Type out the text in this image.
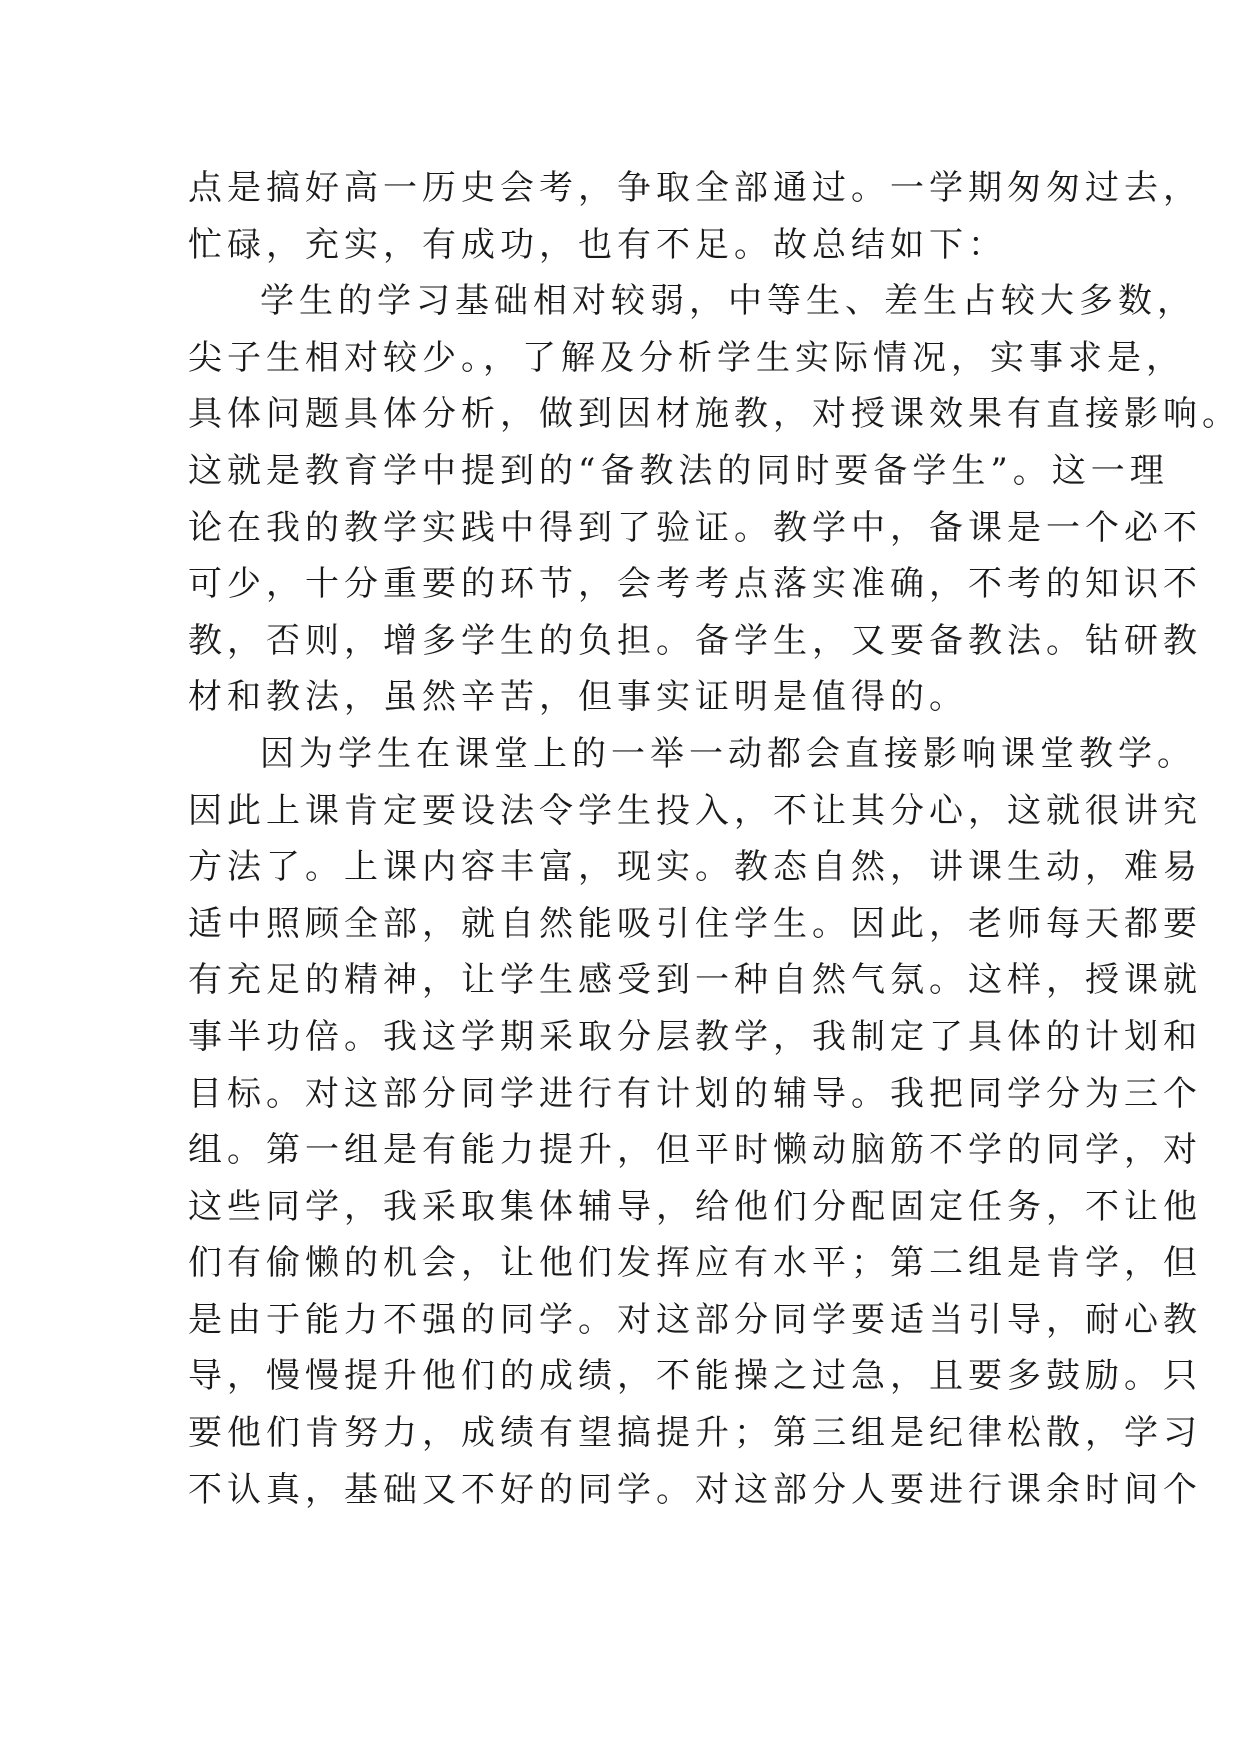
点是搞好高一历史会考，争取全部通过。一学期匆匆过去，
忙碌，充实，有成功，也有不足。故总结如下：
学生的学习基础相对较弱，中等生、差生占较大多数，
尖子生相对较少。，了解及分析学生实际情况，实事求是，
具体问题具体分析，做到因材施教，对授课效果有直接影响。
这就是教育学中提到的“备教法的同时要备学生”。这一理
论在我的教学实践中得到了验证。教学中，备课是一个必不
可少，十分重要的环节，会考考点落实准确，不考的知识不
教，否则，增多学生的负担。备学生，又要备教法。钻研教
材和教法，虽然辛苦，但事实证明是值得的。
因为学生在课堂上的一举一动都会直接影响课堂教学。
因此上课肯定要设法令学生投入，不让其分心，这就很讲究
方法了。上课内容丰富，现实。教态自然，讲课生动，难易
适中照顾全部，就自然能吸引住学生。因此，老师每天都要
有充足的精神，让学生感受到一种自然气氛。这样，授课就
事半功倍。我这学期采取分层教学，我制定了具体的计划和
目标。对这部分同学进行有计划的辅导。我把同学分为三个
组。第一组是有能力提升，但平时懒动脑筋不学的同学，对
这些同学，我采取集体辅导，给他们分配固定任务，不让他
们有偷懒的机会，让他们发挥应有水平；第二组是肯学，但
是由于能力不强的同学。对这部分同学要适当引导，耐心教
导，慢慢提升他们的成绩，不能操之过急，且要多鼓励。只
要他们肯努力，成绩有望搞提升；第三组是纪律松散，学习
不认真，基础又不好的同学。对这部分人要进行课余时间个
